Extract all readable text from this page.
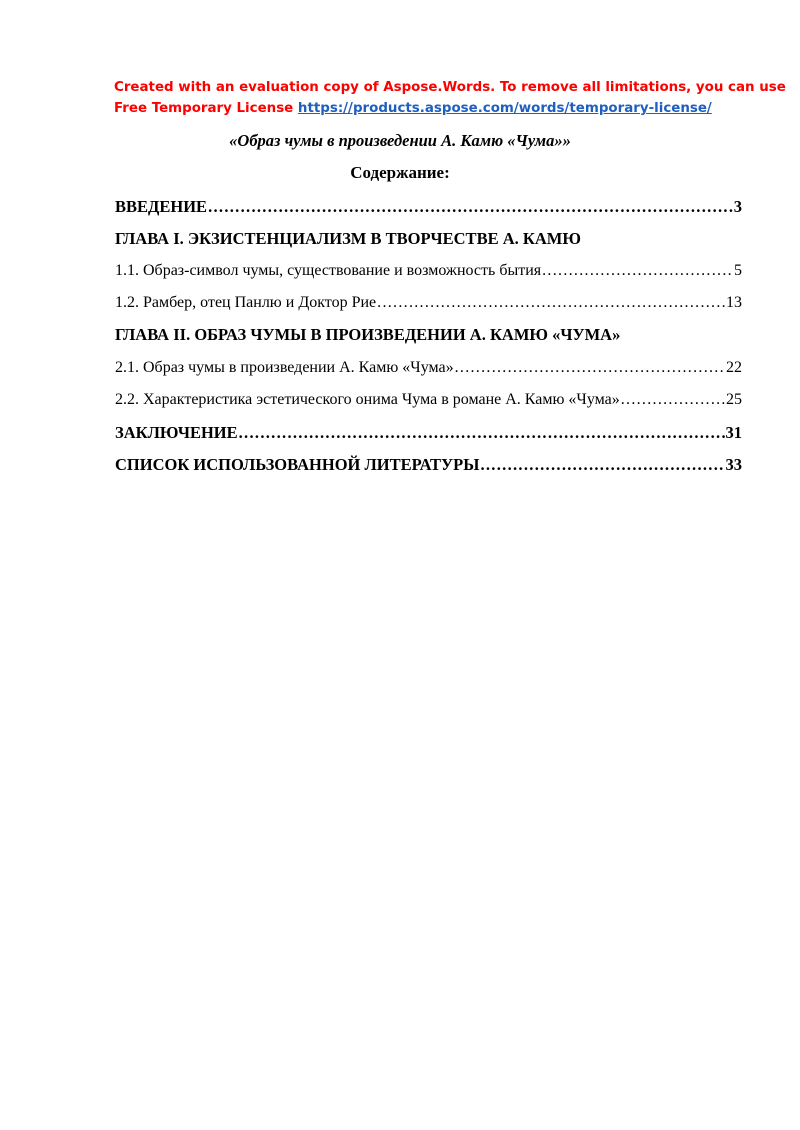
Created with an evaluation copy of Aspose.Words. To remove all limitations, you can use
Free Temporary License https://products.aspose.com/words/temporary-license/
«Образ чумы в произведении А. Камю «Чума»»
Содержание:
ВВЕДЕНИЕ .....	3
ГЛАВА I. ЭКЗИСТЕНЦИАЛИЗМ В ТВОРЧЕСТВЕ А. КАМЮ
1.1. Образ-символ чумы, существование и возможность бытия .....	5
1.2. Рамбер, отец Панлю и Доктор Рие .....	13
ГЛАВА II. ОБРАЗ ЧУМЫ В ПРОИЗВЕДЕНИИ А. КАМЮ «ЧУМА»
2.1. Образ чумы в произведении А. Камю «Чума» .....	22
2.2. Характеристика эстетического онима Чума в романе А. Камю «Чума» .....	25
ЗАКЛЮЧЕНИЕ .....	31
СПИСОК ИСПОЛЬЗОВАННОЙ ЛИТЕРАТУРЫ .....	33
